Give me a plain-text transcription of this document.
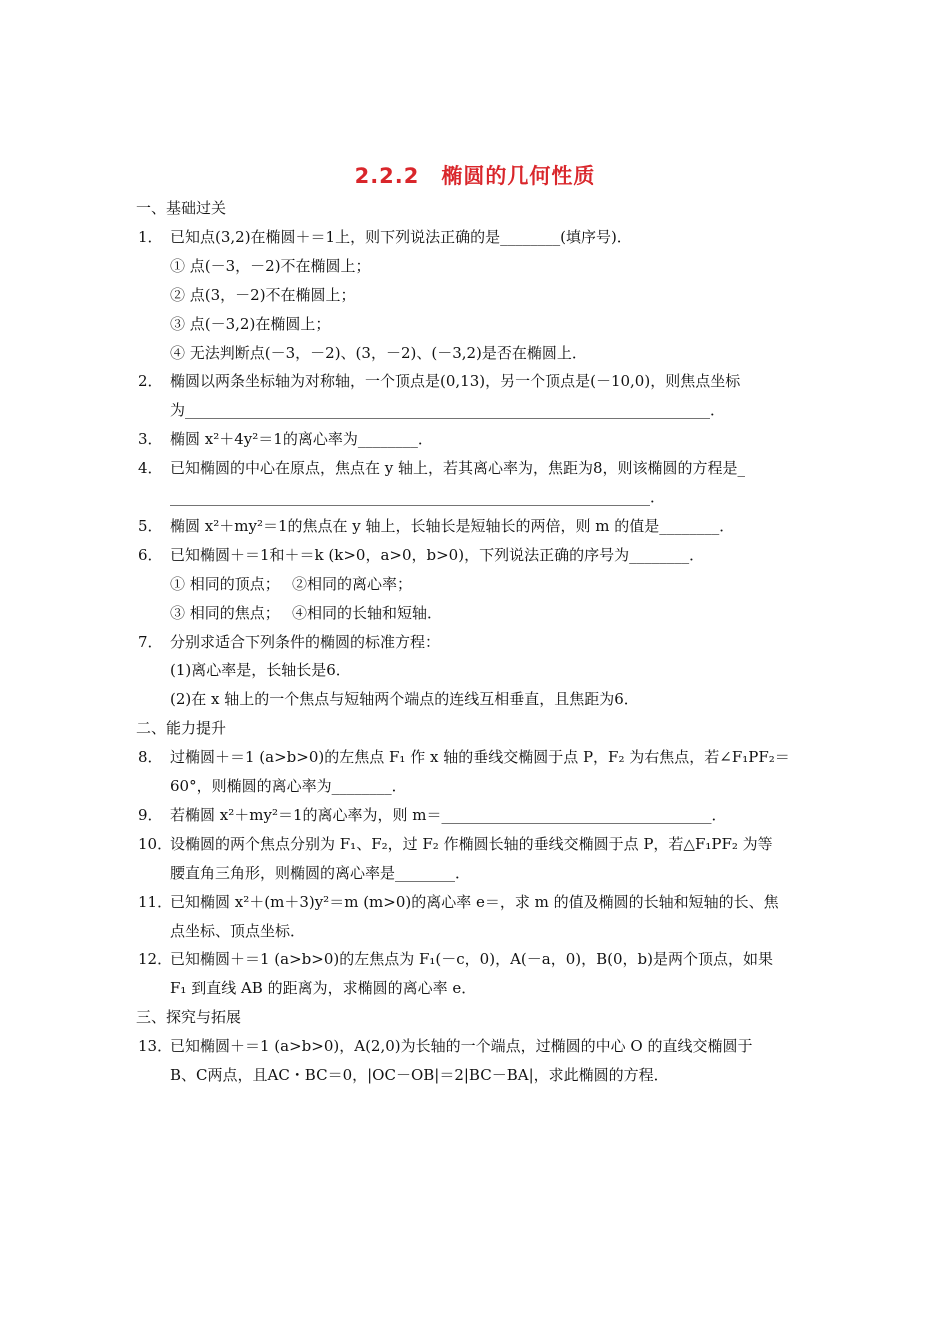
2.2.2　椭圆的几何性质
一、基础过关
1． 已知点(3,2)在椭圆＋＝1上，则下列说法正确的是________(填序号)．
① 点(－3，－2)不在椭圆上；
② 点(3，－2)不在椭圆上；
③ 点(－3,2)在椭圆上；
④ 无法判断点(－3，－2)、(3，－2)、(－3,2)是否在椭圆上．
2． 椭圆以两条坐标轴为对称轴，一个顶点是(0,13)，另一个顶点是(－10,0)，则焦点坐标
为______________________________________________________________________．
3． 椭圆 x²＋4y²＝1的离心率为________．
4． 已知椭圆的中心在原点，焦点在 y 轴上，若其离心率为，焦距为8，则该椭圆的方程是_
________________________________________________________________．
5． 椭圆 x²＋my²＝1的焦点在 y 轴上，长轴长是短轴长的两倍，则 m 的值是________．
6． 已知椭圆＋＝1和＋＝k (k>0，a>0，b>0)，下列说法正确的序号为________．
① 相同的顶点；　 ②相同的离心率；
③ 相同的焦点；　 ④相同的长轴和短轴．
7． 分别求适合下列条件的椭圆的标准方程：
(1)离心率是，长轴长是6．
(2)在 x 轴上的一个焦点与短轴两个端点的连线互相垂直，且焦距为6．
二、能力提升
8． 过椭圆＋＝1 (a>b>0)的左焦点 F₁ 作 x 轴的垂线交椭圆于点 P，F₂ 为右焦点，若∠F₁PF₂＝
60°，则椭圆的离心率为________．
9． 若椭圆 x²＋my²＝1的离心率为，则 m＝____________________________________．
10．
设椭圆的两个焦点分别为 F₁、F₂，过 F₂ 作椭圆长轴的垂线交椭圆于点 P，若△F₁PF₂ 为等
腰直角三角形，则椭圆的离心率是________．
11．
已知椭圆 x²＋(m＋3)y²＝m (m>0)的离心率 e＝，求 m 的值及椭圆的长轴和短轴的长、焦
点坐标、顶点坐标．
12．
已知椭圆＋＝1 (a>b>0)的左焦点为 F₁(－c，0)，A(－a，0)，B(0，b)是两个顶点，如果
F₁ 到直线 AB 的距离为，求椭圆的离心率 e．
三、探究与拓展
13．
已知椭圆＋＝1 (a>b>0)，A(2,0)为长轴的一个端点，过椭圆的中心 O 的直线交椭圆于
B、C两点，且AC・BC＝0，|OC－OB|＝2|BC－BA|，求此椭圆的方程．
